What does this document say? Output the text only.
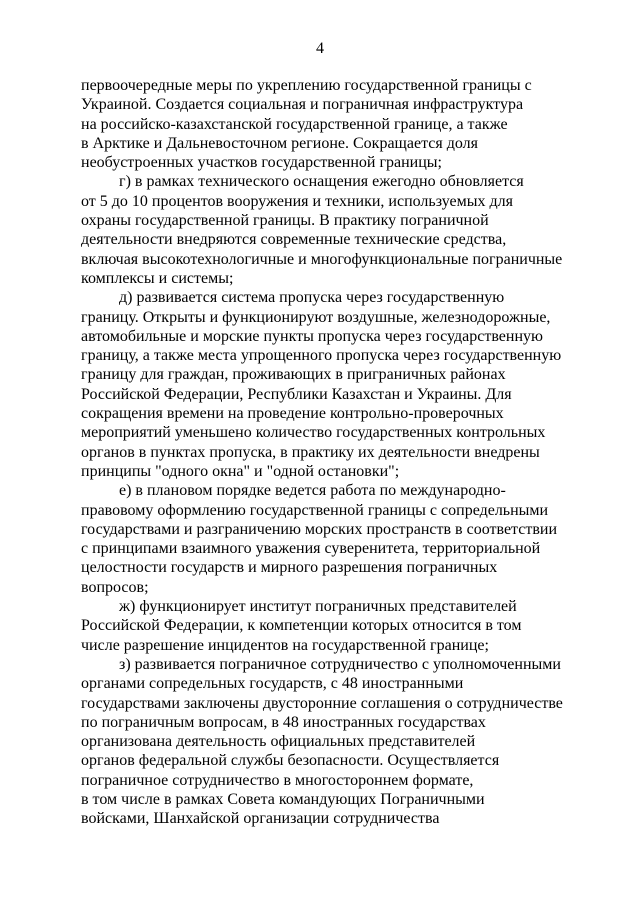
4

первоочередные меры по укреплению государственной границы с
Украиной. Создается социальная и пограничная инфраструктура
на российско-казахстанской государственной границе, а также
в Арктике и Дальневосточном регионе. Сокращается доля
необустроенных участков государственной границы;

г) в рамках технического оснащения ежегодно обновляется
от 5 до 10 процентов вооружения и техники, используемых для
охраны государственной границы. В практику пограничной
деятельности внедряются современные технические средства,
включая высокотехнологичные и многофункциональные пограничные
комплексы и системы;

д) развивается система пропуска через государственную
границу. Открыты и функционируют воздушные, железнодорожные,
автомобильные и морские пункты пропуска через государственную
границу, а также места упрощенного пропуска через государственную
границу для граждан, проживающих в приграничных районах
Российской Федерации, Республики Казахстан и Украины. Для
сокращения времени на проведение контрольно-проверочных
мероприятий уменьшено количество государственных контрольных
органов в пунктах пропуска, в практику их деятельности внедрены
принципы "одного окна" и "одной остановки";

е) в плановом порядке ведется работа по международно-
правовому оформлению государственной границы с сопредельными
государствами и разграничению морских пространств в соответствии
с принципами взаимного уважения суверенитета, территориальной
целостности государств и мирного разрешения пограничных
вопросов;

ж) функционирует институт пограничных представителей
Российской Федерации, к компетенции которых относится в том
числе разрешение инцидентов на государственной границе;

з) развивается пограничное сотрудничество с уполномоченными
органами сопредельных государств, с 48 иностранными
государствами заключены двусторонние соглашения о сотрудничестве
по пограничным вопросам, в 48 иностранных государствах
организована деятельность официальных представителей
органов федеральной службы безопасности. Осуществляется
пограничное сотрудничество в многостороннем формате,
в том числе в рамках Совета командующих Пограничными
войсками, Шанхайской организации сотрудничества
